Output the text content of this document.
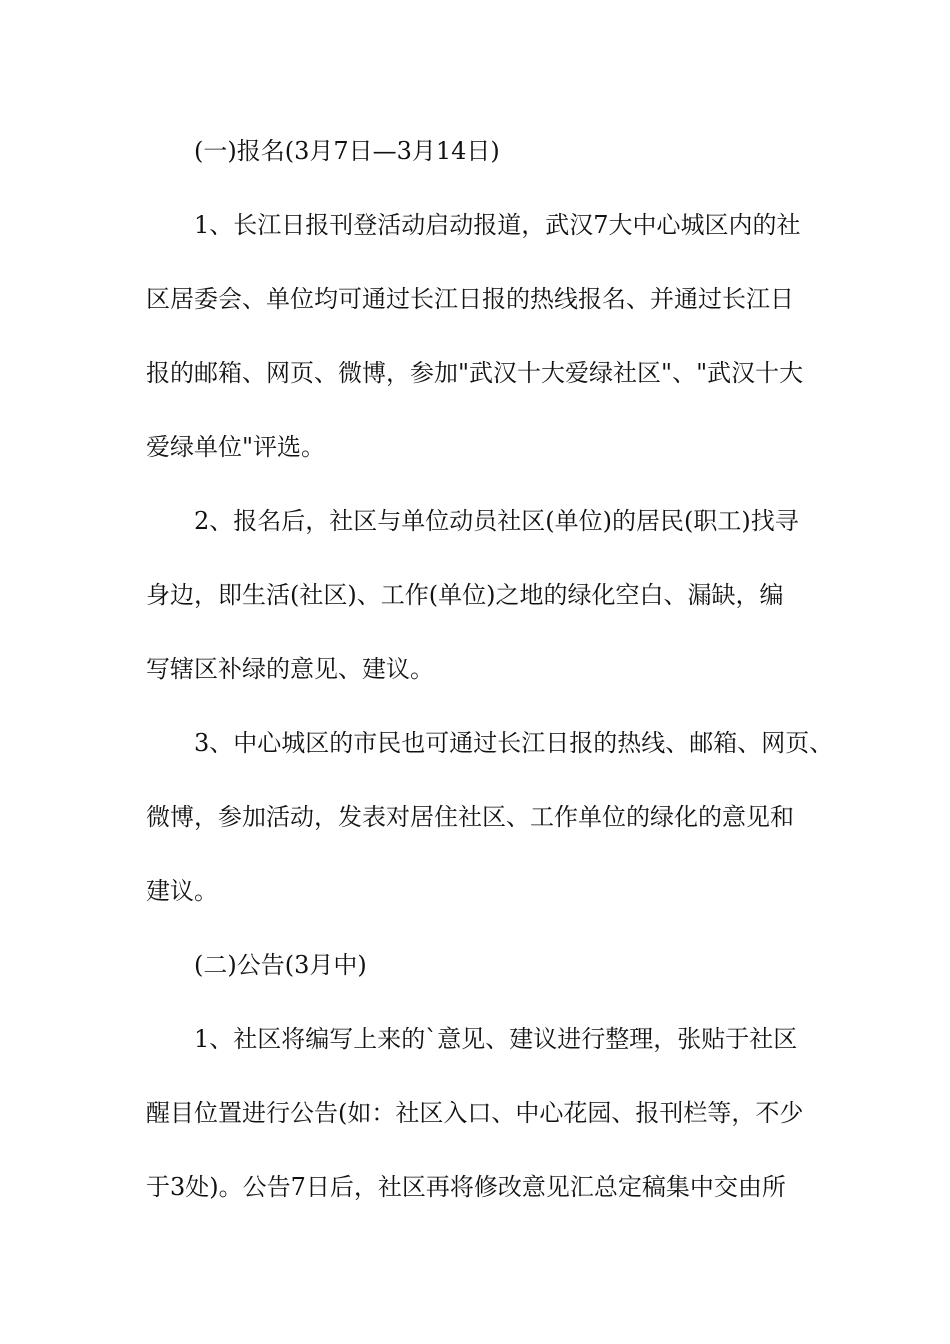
(一)报名(3月7日—3月14日)
1、长江日报刊登活动启动报道，武汉7大中心城区内的社
区居委会、单位均可通过长江日报的热线报名、并通过长江日
报的邮箱、网页、微博，参加"武汉十大爱绿社区"、"武汉十大
爱绿单位"评选。
2、报名后，社区与单位动员社区(单位)的居民(职工)找寻
身边，即生活(社区)、工作(单位)之地的绿化空白、漏缺，编
写辖区补绿的意见、建议。
3、中心城区的市民也可通过长江日报的热线、邮箱、网页、
微博，参加活动，发表对居住社区、工作单位的绿化的意见和
建议。
(二)公告(3月中)
1、社区将编写上来的`意见、建议进行整理，张贴于社区
醒目位置进行公告(如：社区入口、中心花园、报刊栏等，不少
于3处)。公告7日后，社区再将修改意见汇总定稿集中交由所
